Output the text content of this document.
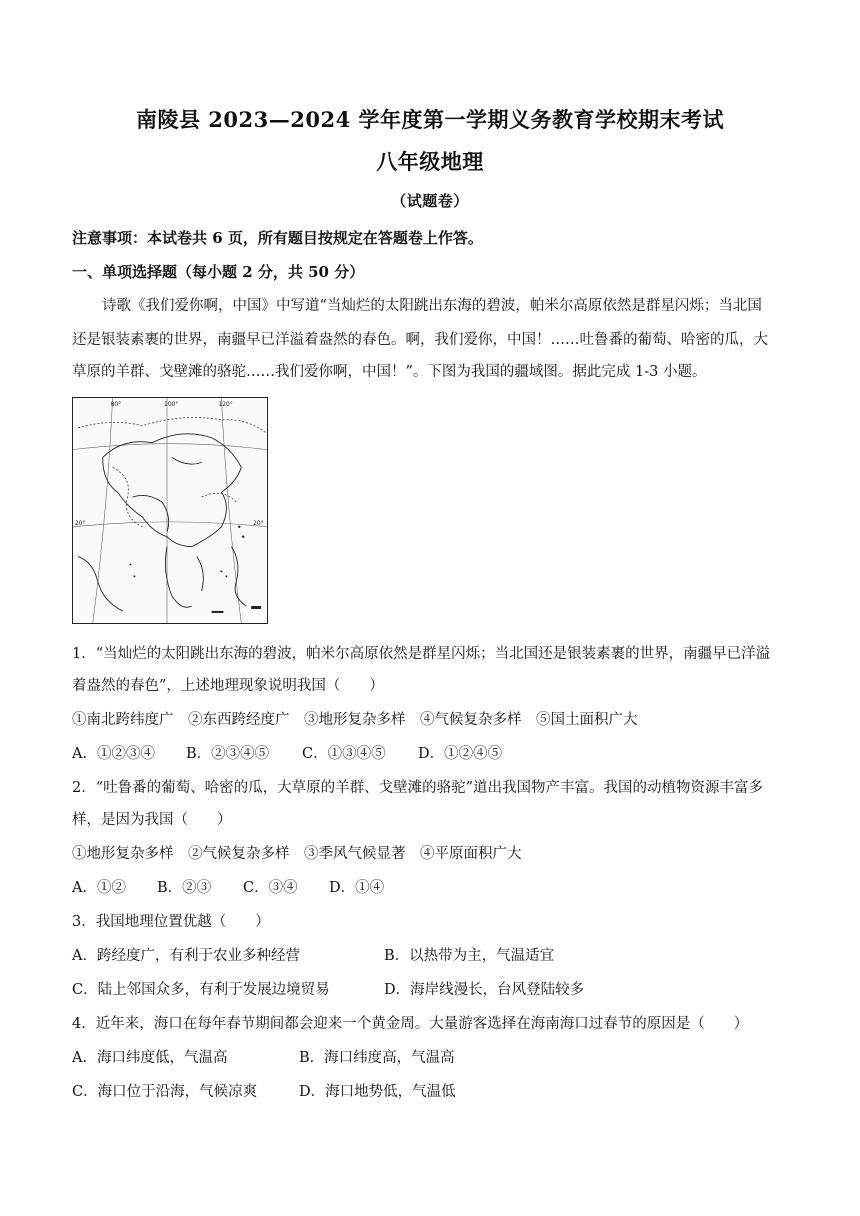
南陵县 2023—2024 学年度第一学期义务教育学校期末考试
八年级地理
（试题卷）
注意事项：本试卷共 6 页，所有题目按规定在答题卷上作答。
一、单项选择题（每小题 2 分，共 50 分）
诗歌《我们爱你啊，中国》中写道“当灿烂的太阳跳出东海的碧波，帕米尔高原依然是群星闪烁；当北国
还是银装素裹的世界，南疆早已洋溢着盎然的春色。啊，我们爱你，中国！……吐鲁番的葡萄、哈密的瓜，大
草原的羊群、戈壁滩的骆驼……我们爱你啊，中国！”。下图为我国的疆域图。据此完成 1-3 小题。
80°	100°	120°
20°	20°
1．“当灿烂的太阳跳出东海的碧波，帕米尔高原依然是群星闪烁；当北国还是银装素裹的世界，南疆早已洋溢
着盎然的春色”，上述地理现象说明我国（　　）
①南北跨纬度广　②东西跨经度广　③地形复杂多样　④气候复杂多样　⑤国土面积广大
A．①②③④ B．②③④⑤ C．①③④⑤ D．①②④⑤
2．“吐鲁番的葡萄、哈密的瓜，大草原的羊群、戈壁滩的骆驼”道出我国物产丰富。我国的动植物资源丰富多
样，是因为我国（　　）
①地形复杂多样　②气候复杂多样　③季风气候显著　④平原面积广大
A．①② B．②③ C．③④ D．①④
3．我国地理位置优越（　　）
A．跨经度广，有利于农业多种经营	B．以热带为主，气温适宜
C．陆上邻国众多，有利于发展边境贸易	D．海岸线漫长，台风登陆较多
4．近年来，海口在每年春节期间都会迎来一个黄金周。大量游客选择在海南海口过春节的原因是（　　）
A．海口纬度低，气温高	B．海口纬度高，气温高
C．海口位于沿海，气候凉爽	D．海口地势低，气温低
